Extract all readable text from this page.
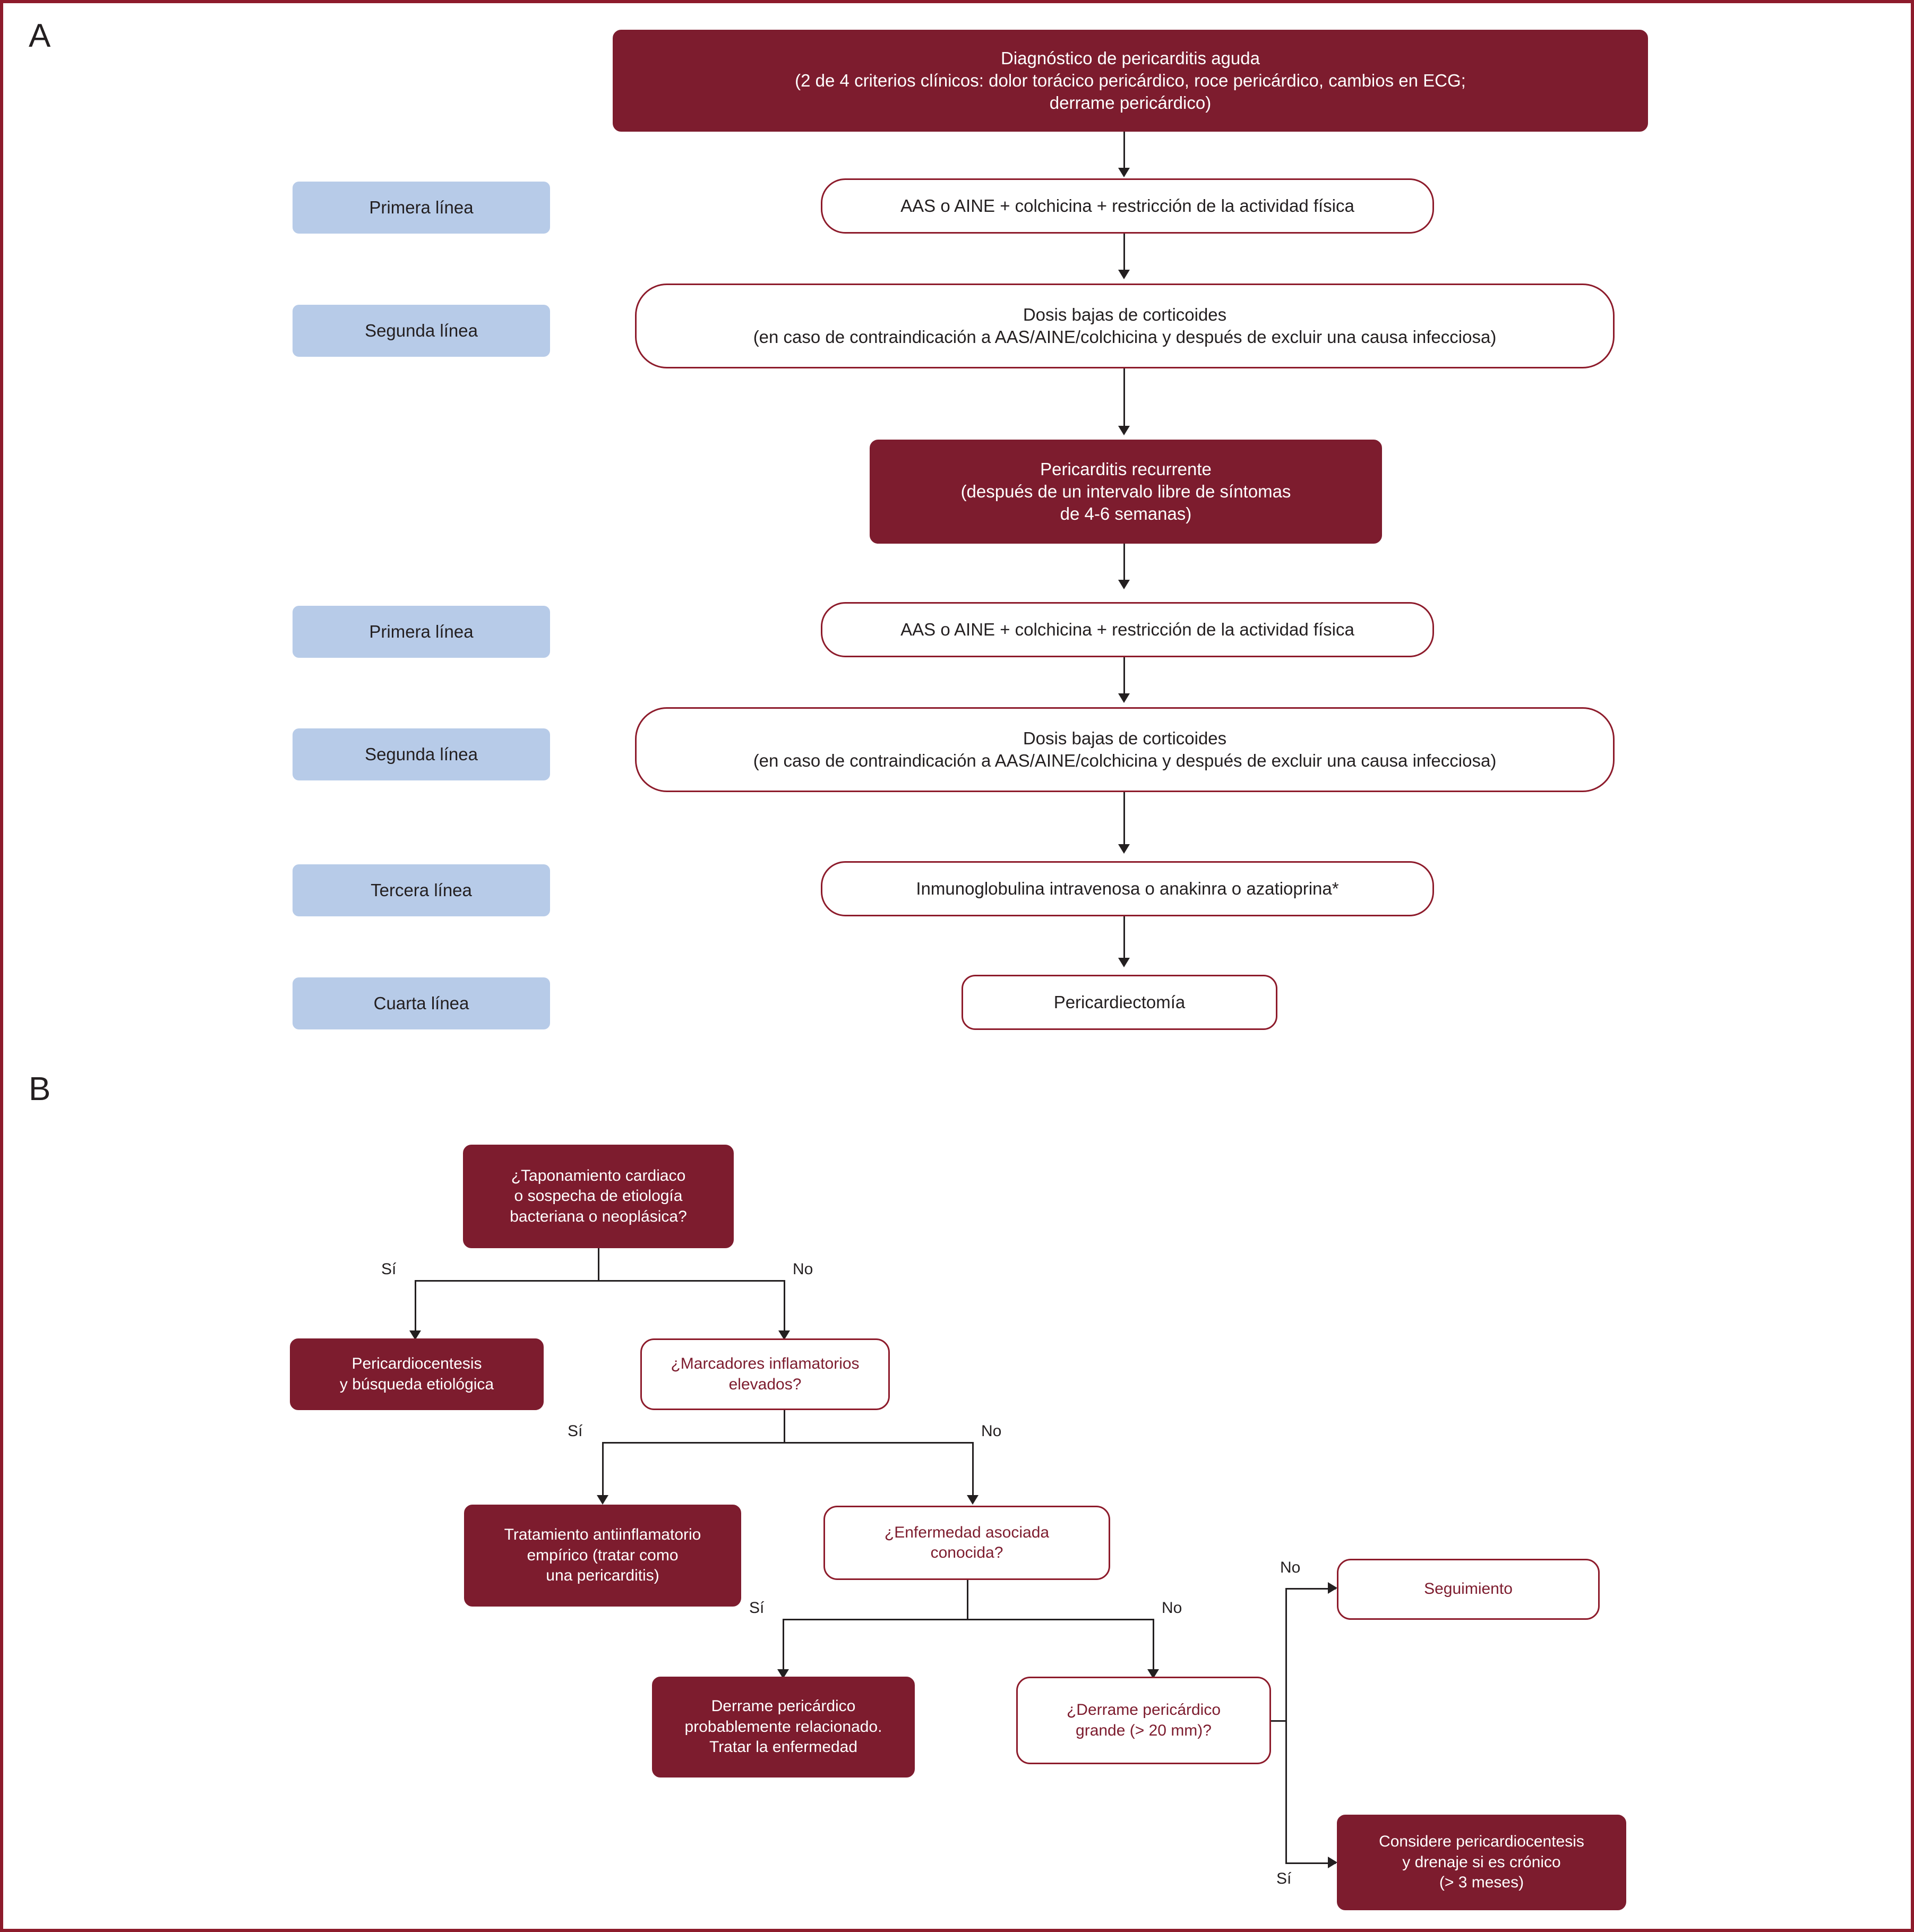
A
Primera línea
Segunda línea
Primera línea
Segunda línea
Tercera línea
Cuarta línea
Diagnóstico de pericarditis aguda
(2 de 4 criterios clínicos: dolor torácico pericárdico, roce pericárdico, cambios en ECG;
derrame pericárdico)
AAS o AINE + colchicina + restricción de la actividad física
Dosis bajas de corticoides
(en caso de contraindicación a AAS/AINE/colchicina y después de excluir una causa infecciosa)
Pericarditis recurrente
(después de un intervalo libre de síntomas
de 4-6 semanas)
AAS o AINE + colchicina + restricción de la actividad física
Dosis bajas de corticoides
(en caso de contraindicación a AAS/AINE/colchicina y después de excluir una causa infecciosa)
Inmunoglobulina intravenosa o anakinra o azatioprina*
Pericardiectomía
B
¿Taponamiento cardiaco
o sospecha de etiología
bacteriana o neoplásica?
Sí	No
Pericardiocentesis
y búsqueda etiológica
¿Marcadores inflamatorios
elevados?
Sí	No
Tratamiento antiinflamatorio
empírico (tratar como
una pericarditis)
¿Enfermedad asociada
conocida?
Sí	No
Derrame pericárdico
probablemente relacionado.
Tratar la enfermedad
¿Derrame pericárdico
grande (> 20 mm)?
No
Sí
Seguimiento
Considere pericardiocentesis
y drenaje si es crónico
(> 3 meses)
